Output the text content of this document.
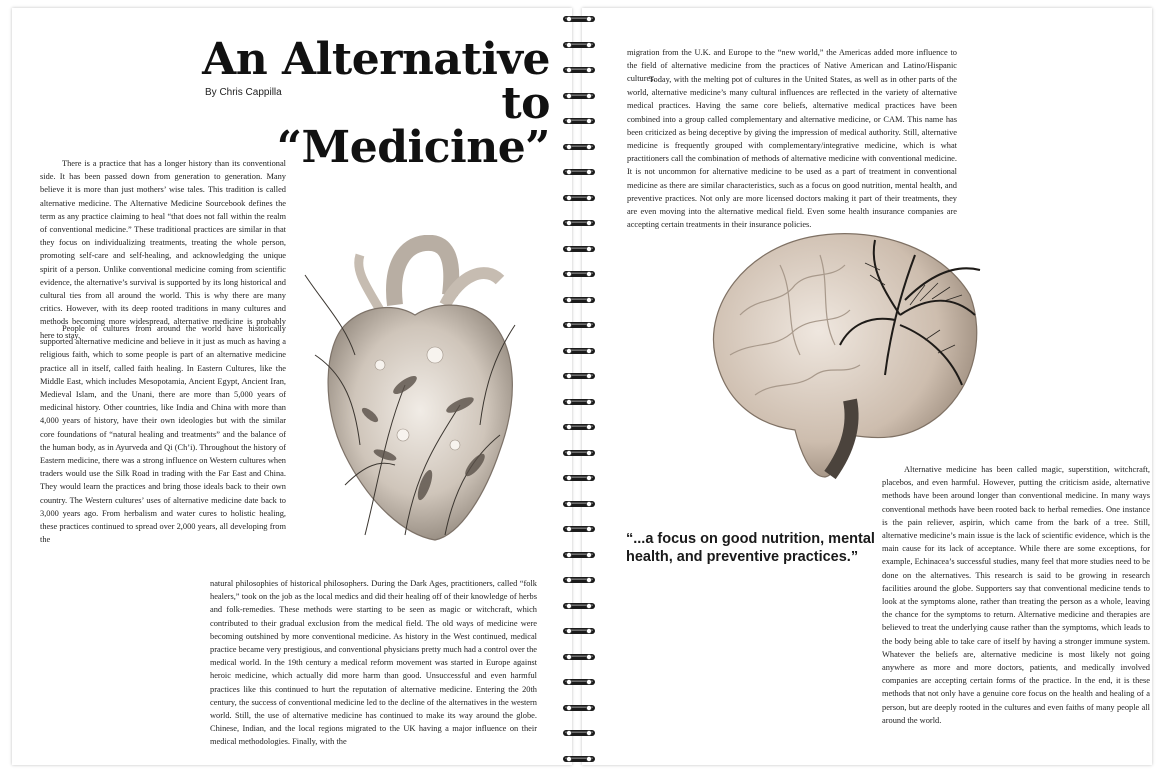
An Alternative to
“Medicine”
By Chris Cappilla

There is a practice that has a longer history than its conventional side. It has been passed down from generation to generation. Many believe it is more than just mothers’ wise tales. This tradition is called alternative medicine. The Alternative Medicine Sourcebook defines the term as any practice claiming to heal “that does not fall within the realm of conventional medicine.” These traditional practices are similar in that they focus on individualizing treatments, treating the whole person, promoting self-care and self-healing, and acknowledging the unique spirit of a person. Unlike conventional medicine coming from scientific evidence, the alternative’s survival is supported by its long historical and cultural ties from all around the world. This is why there are many critics. However, with its deep rooted traditions in many cultures and methods becoming more widespread, alternative medicine is probably here to stay.

People of cultures from around the world have historically supported alternative medicine and believe in it just as much as having a religious faith, which to some people is part of an alternative medicine practice all in itself, called faith healing. In Eastern Cultures, like the Middle East, which includes Mesopotamia, Ancient Egypt, Ancient Iran, Medieval Islam, and the Unani, there are more than 5,000 years of medicinal history. Other countries, like India and China with more than 4,000 years of history, have their own ideologies but with the similar core foundations of “natural healing and treatments” and the balance of the human body, as in Ayurveda and Qi (Ch’i). Throughout the history of Eastern medicine, there was a strong influence on Western cultures when traders would use the Silk Road in trading with the Far East and China. They would learn the practices and bring those ideals back to their own country. The Western cultures’ uses of alternative medicine date back to 3,000 years ago. From herbalism and water cures to holistic healing, these practices continued to spread over 2,000 years, all developing from the

natural philosophies of historical philosophers. During the Dark Ages, practitioners, called “folk healers,” took on the job as the local medics and did their healing off of their knowledge of herbs and folk-remedies. These methods were starting to be seen as magic or witchcraft, which contributed to their gradual exclusion from the medical field. The old ways of medicine were becoming outshined by more conventional medicine. As history in the West continued, medical practice became very prestigious, and conventional physicians pretty much had a control over the medical world. In the 19th century a medical reform movement was started in Europe against heroic medicine, which actually did more harm than good. Unsuccessful and even harmful practices like this continued to hurt the reputation of alternative medicine. Entering the 20th century, the success of conventional medicine led to the decline of the alternatives in the western world. Still, the use of alternative medicine has continued to make its way around the globe. Chinese, Indian, and the local regions migrated to the UK having a major influence on their medical methodologies. Finally, with the

migration from the U.K. and Europe to the “new world,” the Americas added more influence to the field of alternative medicine from the practices of Native American and Latino/Hispanic cultures.

Today, with the melting pot of cultures in the United States, as well as in other parts of the world, alternative medicine’s many cultural influences are reflected in the variety of alternative medical practices. Having the same core beliefs, alternative medical practices have been combined into a group called complementary and alternative medicine, or CAM. This name has been criticized as being deceptive by giving the impression of medical authority. Still, alternative medicine is frequently grouped with complementary/integrative medicine, which is what practitioners call the combination of methods of alternative medicine with conventional medicine. It is not uncommon for alternative medicine to be used as a part of treatment in conventional medicine as there are similar characteristics, such as a focus on good nutrition, mental health, and preventive practices. Not only are more licensed doctors making it part of their treatments, they are even moving into the alternative medical field. Even some health insurance companies are accepting certain treatments in their insurance policies.

“...a focus on good nutrition, mental health, and preventive practices.”

Alternative medicine has been called magic, superstition, witchcraft, placebos, and even harmful. However, putting the criticism aside, alternative methods have been around longer than conventional medicine. In many ways conventional methods have been rooted back to herbal remedies. One instance is the pain reliever, aspirin, which came from the bark of a tree. Still, alternative medicine’s main issue is the lack of scientific evidence, which is the main cause for its lack of acceptance. While there are some exceptions, for example, Echinacea’s successful studies, many feel that more studies need to be done on the alternatives. This research is said to be growing in research facilities around the globe. Supporters say that conventional medicine tends to look at the symptoms alone, rather than treating the person as a whole, leaving the chance for the symptoms to return. Alternative medicine and therapies are believed to treat the underlying cause rather than the symptoms, which leads to the body being able to take care of itself by having a stronger immune system. Whatever the beliefs are, alternative medicine is most likely not going anywhere as more and more doctors, patients, and medically involved companies are accepting certain forms of the practice. In the end, it is these methods that not only have a genuine core focus on the health and healing of a person, but are deeply rooted in the cultures and even faiths of many people all around the world.
